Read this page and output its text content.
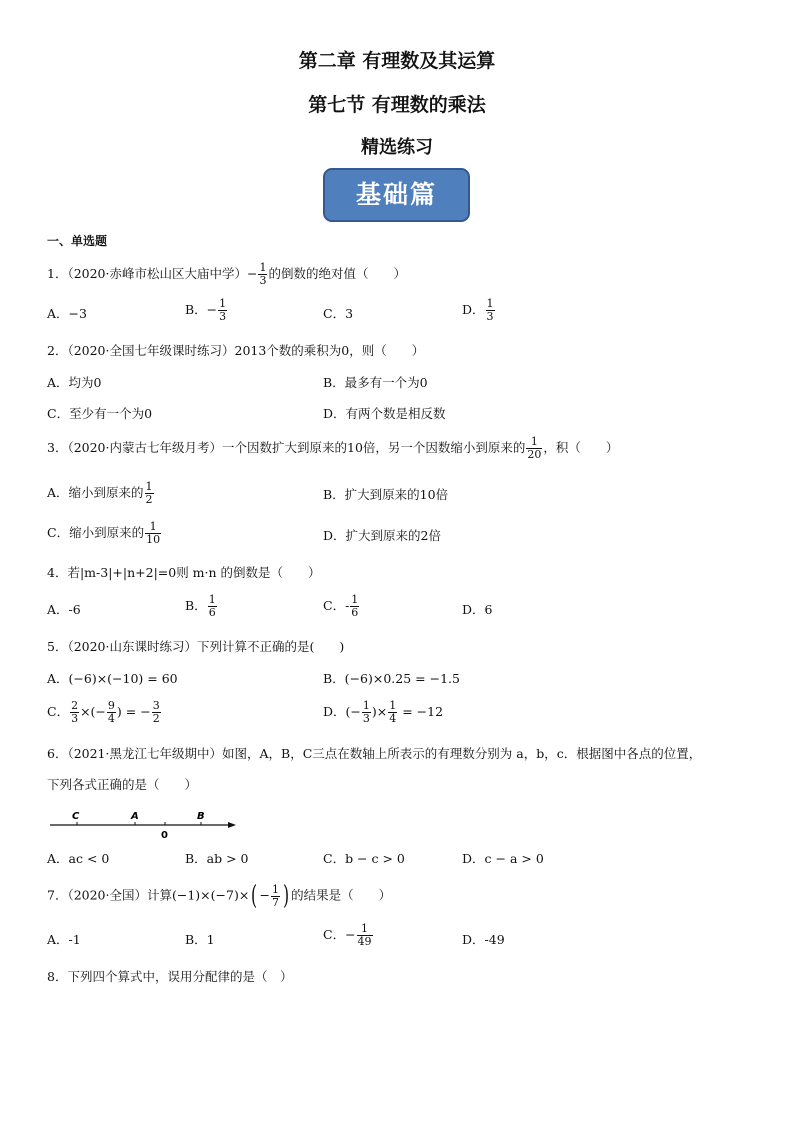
第二章 有理数及其运算
第七节 有理数的乘法
精选练习
基础篇
一、单选题
1．（2020·赤峰市松山区大庙中学）− $\frac{1}{3}$ 的倒数的绝对值（　　）
A．−3	B．− $\frac{1}{3}$	C．3	D． $\frac{1}{3}$
2．（2020·全国七年级课时练习）2013个数的乘积为0，则（　　）
A．均为0	B．最多有一个为0
C．至少有一个为0	D．有两个数是相反数
3．（2020·内蒙古七年级月考）一个因数扩大到原来的10倍，另一个因数缩小到原来的 $\frac{1}{20}$ ，积（　　）
A．缩小到原来的 $\frac{1}{2}$	B．扩大到原来的10倍
C．缩小到原来的 $\frac{1}{10}$	D．扩大到原来的2倍
4．若|m-3|+|n+2|=0则 m·n 的倒数是（　　）
A．-6	B． $\frac{1}{6}$	C．- $\frac{1}{6}$	D．6
5．（2020·山东课时练习）下列计算不正确的是(　　)
A．(−6)×(−10) = 60	B．(−6)×0.25 = −1.5
C． $\frac{2}{3}$ ×(− $\frac{9}{4}$ ) = − $\frac{3}{2}$	D．(− $\frac{1}{3}$ )× $\frac{1}{4} = -12$
6．（2021·黑龙江七年级期中）如图，A，B，C三点在数轴上所表示的有理数分别为 a，b，c．根据图中各点的位置，
下列各式正确的是（　　）
C	A
0
B
A．ac < 0	B．ab > 0	C．b − c > 0	D．c − a > 0
7．（2020·全国）计算$(-1)\times(-7)\times( - \frac{1}{7}$ ) 的结果是（　　）
A．-1	B．1	C．− $\frac{1}{49}$	D．-49
8．下列四个算式中，误用分配律的是（　）
